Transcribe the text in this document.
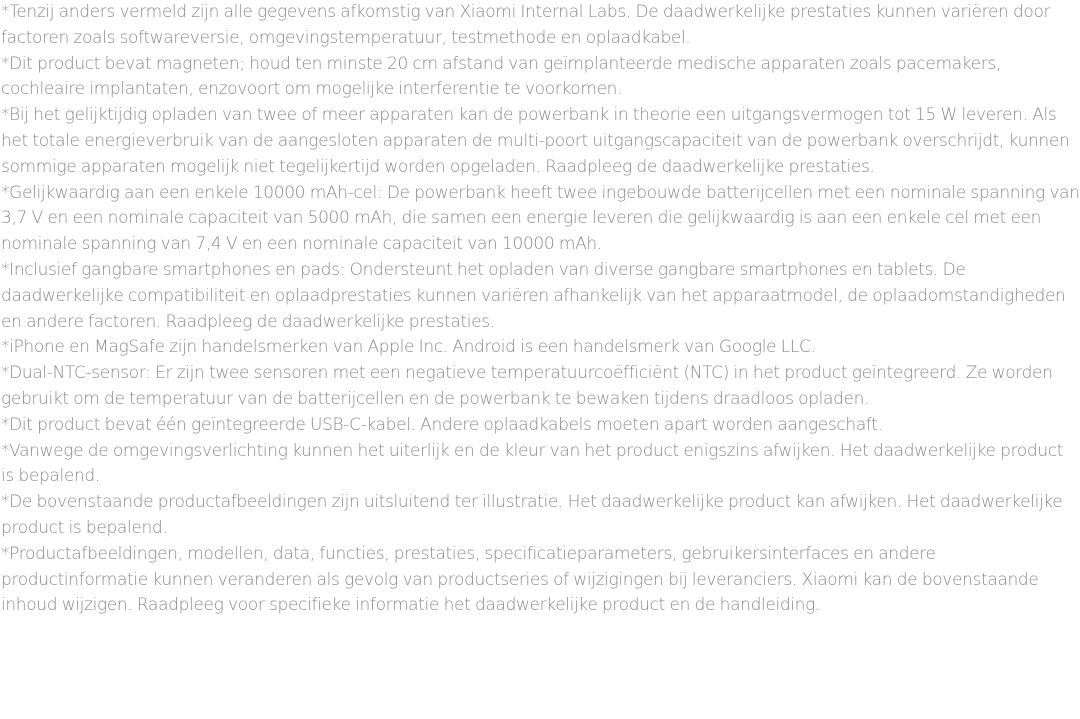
*Tenzij anders vermeld zijn alle gegevens afkomstig van Xiaomi Internal Labs. De daadwerkelijke prestaties kunnen variëren door factoren zoals softwareversie, omgevingstemperatuur, testmethode en oplaadkabel.

*Dit product bevat magneten; houd ten minste 20 cm afstand van geïmplanteerde medische apparaten zoals pacemakers, cochleaire implantaten, enzovoort om mogelijke interferentie te voorkomen.

*Bij het gelijktijdig opladen van twee of meer apparaten kan de powerbank in theorie een uitgangsvermogen tot 15 W leveren. Als het totale energieverbruik van de aangesloten apparaten de multi-poort uitgangscapaciteit van de powerbank overschrijdt, kunnen sommige apparaten mogelijk niet tegelijkertijd worden opgeladen. Raadpleeg de daadwerkelijke prestaties.

*Gelijkwaardig aan een enkele 10000 mAh-cel: De powerbank heeft twee ingebouwde batterijcellen met een nominale spanning van 3,7 V en een nominale capaciteit van 5000 mAh, die samen een energie leveren die gelijkwaardig is aan een enkele cel met een nominale spanning van 7,4 V en een nominale capaciteit van 10000 mAh.

*Inclusief gangbare smartphones en pads: Ondersteunt het opladen van diverse gangbare smartphones en tablets. De daadwerkelijke compatibiliteit en oplaadprestaties kunnen variëren afhankelijk van het apparaatmodel, de oplaadomstandigheden en andere factoren. Raadpleeg de daadwerkelijke prestaties.

*iPhone en MagSafe zijn handelsmerken van Apple Inc. Android is een handelsmerk van Google LLC.

*Dual-NTC-sensor: Er zijn twee sensoren met een negatieve temperatuurcoëfficiënt (NTC) in het product geïntegreerd. Ze worden gebruikt om de temperatuur van de batterijcellen en de powerbank te bewaken tijdens draadloos opladen.

*Dit product bevat één geïntegreerde USB-C-kabel. Andere oplaadkabels moeten apart worden aangeschaft.

*Vanwege de omgevingsverlichting kunnen het uiterlijk en de kleur van het product enigszins afwijken. Het daadwerkelijke product is bepalend.

*De bovenstaande productafbeeldingen zijn uitsluitend ter illustratie. Het daadwerkelijke product kan afwijken. Het daadwerkelijke product is bepalend.

*Productafbeeldingen, modellen, data, functies, prestaties, specificatieparameters, gebruikersinterfaces en andere productinformatie kunnen veranderen als gevolg van productseries of wijzigingen bij leveranciers. Xiaomi kan de bovenstaande inhoud wijzigen. Raadpleeg voor specifieke informatie het daadwerkelijke product en de handleiding.
